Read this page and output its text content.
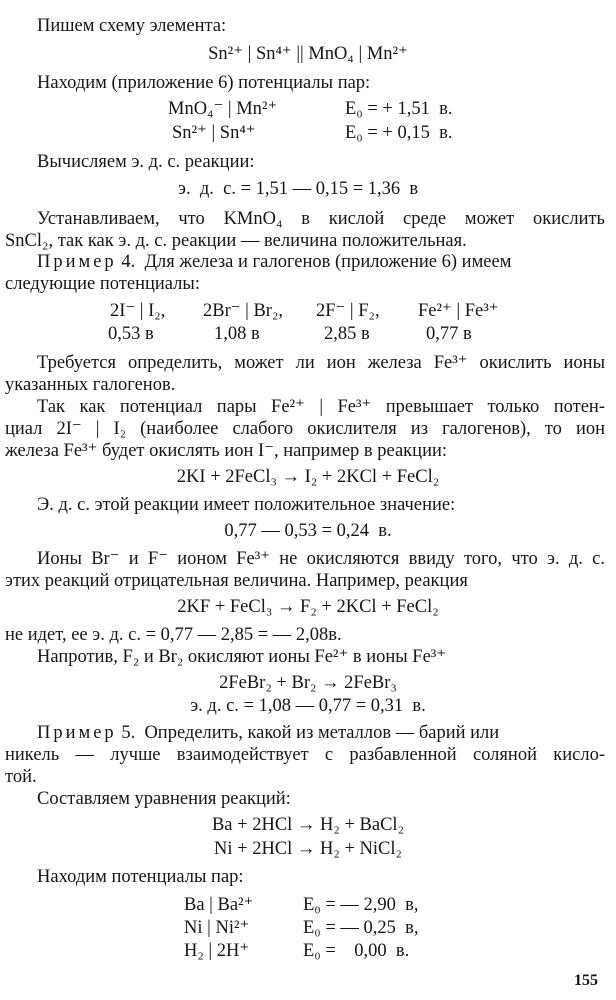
Пишем схему элемента:
Sn²⁺ | Sn⁴⁺ || MnO₄ | Mn²⁺
Находим (приложение 6) потенциалы пар:
MnO₄⁻ | Mn²⁺	E₀ = + 1,51  в.
Sn²⁺ | Sn⁴⁺	E₀ = + 0,15  в.
Вычисляем э. д. с. реакции:
э.  д.  с. = 1,51 — 0,15 = 1,36  в
Устанавливаем, что KMnO₄ в кислой среде может окислить
SnCl₂, так как э. д. с. реакции — величина положительная.
Пример 4.  Для железа и галогенов (приложение 6) имеем
следующие потенциалы:
2I⁻ | I₂, 2Br⁻ | Br₂, 2F⁻ | F₂, Fe²⁺ | Fe³⁺
0,53 в	1,08 в	2,85 в	0,77 в
Требуется определить, может ли ион железа Fe³⁺ окислить ионы
указанных галогенов.
Так как потенциал пары Fe²⁺ | Fe³⁺ превышает только потен-
циал 2I⁻ | I₂ (наиболее слабого окислителя из галогенов), то ион
железа Fe³⁺ будет окислять ион I⁻, например в реакции:
2KI + 2FeCl₃ → I₂ + 2KCl + FeCl₂
Э. д. с. этой реакции имеет положительное значение:
0,77 — 0,53 = 0,24  в.
Ионы Br⁻ и F⁻ ионом Fe³⁺ не окисляются ввиду того, что э. д. с.
этих реакций отрицательная величина. Например, реакция
2KF + FeCl₃ → F₂ + 2KCl + FeCl₂
не идет, ее э. д. с. = 0,77 — 2,85 = — 2,08в.
Напротив, F₂ и Br₂ окисляют ионы Fe²⁺ в ионы Fe³⁺
2FeBr₂ + Br₂ → 2FeBr₃
э. д. с. = 1,08 — 0,77 = 0,31  в.
Пример 5.  Определить, какой из металлов — барий или
никель — лучше взаимодействует с разбавленной соляной кисло-
той.
Составляем уравнения реакций:
Ba + 2HCl → H₂ + BaCl₂
Ni + 2HCl → H₂ + NiCl₂
Находим потенциалы пар:
Ba | Ba²⁺	E₀ = — 2,90  в,
Ni | Ni²⁺	E₀ = — 0,25  в,
H₂ | 2H⁺	E₀ =    0,00  в.
155
